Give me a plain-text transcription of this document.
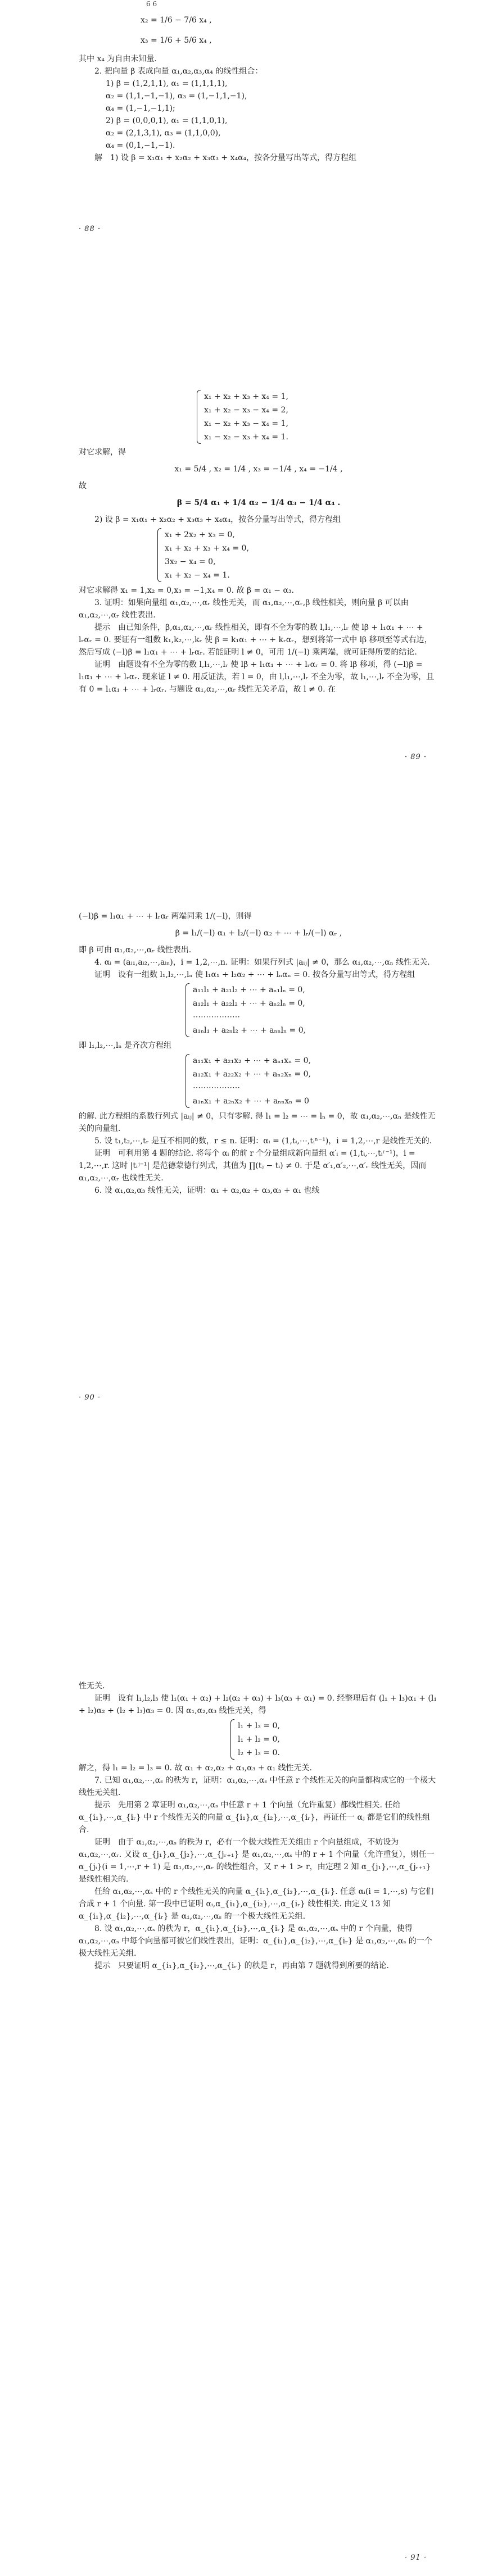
6 6
x₂ = 1/6 − 7/6 x₄ ,
x₃ = 1/6 + 5/6 x₄ ,

其中 x₄ 为自由未知量.

2. 把向量 β 表成向量 α₁,α₂,α₃,α₄ 的线性组合：

1) β = (1,2,1,1), α₁ = (1,1,1,1),
α₂ = (1,1,−1,−1), α₃ = (1,−1,1,−1),
α₄ = (1,−1,−1,1);
2) β = (0,0,0,1), α₁ = (1,1,0,1),
α₂ = (2,1,3,1), α₃ = (1,1,0,0),
α₄ = (0,1,−1,−1).

解　1) 设 β = x₁α₁ + x₂α₂ + x₃α₃ + x₄α₄，按各分量写出等式，得方程组

· 88 ·
x₁ + x₂ + x₃ + x₄ = 1,
x₁ + x₂ − x₃ − x₄ = 2,
x₁ − x₂ + x₃ − x₄ = 1,
x₁ − x₂ − x₃ + x₄ = 1.

对它求解，得

x₁ = 5/4 , x₂ = 1/4 , x₃ = −1/4 , x₄ = −1/4 ,

故

β = 5/4 α₁ + 1/4 α₂ − 1/4 α₃ − 1/4 α₄ .

2) 设 β = x₁α₁ + x₂α₂ + x₃α₃ + x₄α₄，按各分量写出等式，得方程组

x₁ + 2x₂ + x₃ = 0,
x₁ + x₂ + x₃ + x₄ = 0,
3x₂ − x₄ = 0,
x₁ + x₂ − x₄ = 1.

对它求解得 x₁ = 1,x₂ = 0,x₃ = −1,x₄ = 0. 故 β = α₁ − α₃.

3. 证明：如果向量组 α₁,α₂,⋯,αᵣ 线性无关，而 α₁,α₂,⋯,αᵣ,β 线性相关，则向量 β 可以由 α₁,α₂,⋯,αᵣ 线性表出.

提示　由已知条件，β,α₁,α₂,⋯,αᵣ 线性相关，即有不全为零的数 l,l₁,⋯,lᵣ 使 lβ + l₁α₁ + ⋯ + lᵣαᵣ = 0. 要证有一组数 k₁,k₂,⋯,kᵣ 使 β = k₁α₁ + ⋯ + kᵣαᵣ，想到将第一式中 lβ 移项至等式右边，然后写成 (−l)β = l₁α₁ + ⋯ + lᵣαᵣ. 若能证明 l ≠ 0，可用 1/(−l) 乘两端，就可证得所要的结论.

证明　由题设有不全为零的数 l,l₁,⋯,lᵣ 使 lβ + l₁α₁ + ⋯ + lᵣαᵣ = 0. 将 lβ 移项，得 (−l)β = l₁α₁ + ⋯ + lᵣαᵣ. 现来证 l ≠ 0. 用反证法，若 l = 0，由 l,l₁,⋯,lᵣ 不全为零，故 l₁,⋯,lᵣ 不全为零，且有 0 = l₁α₁ + ⋯ + lᵣαᵣ. 与题设 α₁,α₂,⋯,αᵣ 线性无关矛盾，故 l ≠ 0. 在

· 89 ·

(−l)β = l₁α₁ + ⋯ + lᵣαᵣ 两端同乘 1/(−l)，则得

β = l₁/(−l) α₁ + l₂/(−l) α₂ + ⋯ + lᵣ/(−l) αᵣ ,

即 β 可由 α₁,α₂,⋯,αᵣ 线性表出.

4. αᵢ = (aᵢ₁,aᵢ₂,⋯,aᵢₙ)，i = 1,2,⋯,n. 证明：如果行列式 |aᵢⱼ| ≠ 0，那么 α₁,α₂,⋯,αₙ 线性无关.

证明　设有一组数 l₁,l₂,⋯,lₙ 使 l₁α₁ + l₂α₂ + ⋯ + lₙαₙ = 0. 按各分量写出等式，得方程组

a₁₁l₁ + a₂₁l₂ + ⋯ + aₙ₁lₙ = 0,
a₁₂l₁ + a₂₂l₂ + ⋯ + aₙ₂lₙ = 0,
⋯⋯⋯⋯⋯⋯
a₁ₙl₁ + a₂ₙl₂ + ⋯ + aₙₙlₙ = 0,

即 l₁,l₂,⋯,lₙ 是齐次方程组

a₁₁x₁ + a₂₁x₂ + ⋯ + aₙ₁xₙ = 0,
a₁₂x₁ + a₂₂x₂ + ⋯ + aₙ₂xₙ = 0,
⋯⋯⋯⋯⋯⋯
a₁ₙx₁ + a₂ₙx₂ + ⋯ + aₙₙxₙ = 0

的解. 此方程组的系数行列式 |aᵢⱼ| ≠ 0，只有零解. 得 l₁ = l₂ = ⋯ = lₙ = 0，故 α₁,α₂,⋯,αₙ 是线性无关的向量组.

5. 设 t₁,t₂,⋯,tᵣ 是互不相同的数，r ≤ n. 证明：αᵢ = (1,tᵢ,⋯,tᵢⁿ⁻¹)，i = 1,2,⋯,r 是线性无关的.

证明　可利用第 4 题的结论. 将每个 αᵢ 的前 r 个分量组成新向量组 α′ᵢ = (1,tᵢ,⋯,tᵢʳ⁻¹)，i = 1,2,⋯,r. 这时 |tᵢʲ⁻¹| 是范德蒙德行列式，其值为 ∏(tⱼ − tᵢ) ≠ 0. 于是 α′₁,α′₂,⋯,α′ᵣ 线性无关，因而 α₁,α₂,⋯,αᵣ 也线性无关.

6. 设 α₁,α₂,α₃ 线性无关，证明：α₁ + α₂,α₂ + α₃,α₃ + α₁ 也线

· 90 ·

性无关.

证明　设有 l₁,l₂,l₃ 使 l₁(α₁ + α₂) + l₂(α₂ + α₃) + l₃(α₃ + α₁) = 0. 经整理后有 (l₁ + l₃)α₁ + (l₁ + l₂)α₂ + (l₂ + l₃)α₃ = 0. 因 α₁,α₂,α₃ 线性无关，得

l₁ + l₃ = 0,
l₁ + l₂ = 0,
l₂ + l₃ = 0.

解之，得 l₁ = l₂ = l₃ = 0. 故 α₁ + α₂,α₂ + α₃,α₃ + α₁ 线性无关.

7. 已知 α₁,α₂,⋯,αₛ 的秩为 r，证明：α₁,α₂,⋯,αₛ 中任意 r 个线性无关的向量都构成它的一个极大线性无关组.

提示　先用第 2 章证明 α₁,α₂,⋯,αₛ 中任意 r + 1 个向量（允许重复）都线性相关. 任给 α_{i₁},⋯,α_{iᵣ} 中 r 个线性无关的向量 α_{i₁},α_{i₂},⋯,α_{iᵣ}，再证任一 αⱼ 都是它们的线性组合.

证明　由于 α₁,α₂,⋯,αₛ 的秩为 r，必有一个极大线性无关组由 r 个向量组成，不妨设为 α₁,α₂,⋯,αᵣ. 又设 α_{j₁},α_{j₂},⋯,α_{jᵣ₊₁} 是 α₁,α₂,⋯,αₛ 中的 r + 1 个向量（允许重复），则任一 α_{jᵢ}(i = 1,⋯,r + 1) 是 α₁,α₂,⋯,αᵣ 的线性组合，又 r + 1 > r，由定理 2 知 α_{j₁},⋯,α_{jᵣ₊₁} 是线性相关的.

任给 α₁,α₂,⋯,αₛ 中的 r 个线性无关的向量 α_{i₁},α_{i₂},⋯,α_{iᵣ}. 任意 αᵢ(i = 1,⋯,s) 与它们合成 r + 1 个向量. 第一段中已证明 αᵢ,α_{i₁},α_{i₂},⋯,α_{iᵣ} 线性相关. 由定义 13 知 α_{i₁},α_{i₂},⋯,α_{iᵣ} 是 α₁,α₂,⋯,αₛ 的一个极大线性无关组.

8. 设 α₁,α₂,⋯,αₛ 的秩为 r，α_{i₁},α_{i₂},⋯,α_{iᵣ} 是 α₁,α₂,⋯,αₛ 中的 r 个向量，使得 α₁,α₂,⋯,αₛ 中每个向量都可被它们线性表出，证明：α_{i₁},α_{i₂},⋯,α_{iᵣ} 是 α₁,α₂,⋯,αₛ 的一个极大线性无关组.

提示　只要证明 α_{i₁},α_{i₂},⋯,α_{iᵣ} 的秩是 r，再由第 7 题就得到所要的结论.

· 91 ·
